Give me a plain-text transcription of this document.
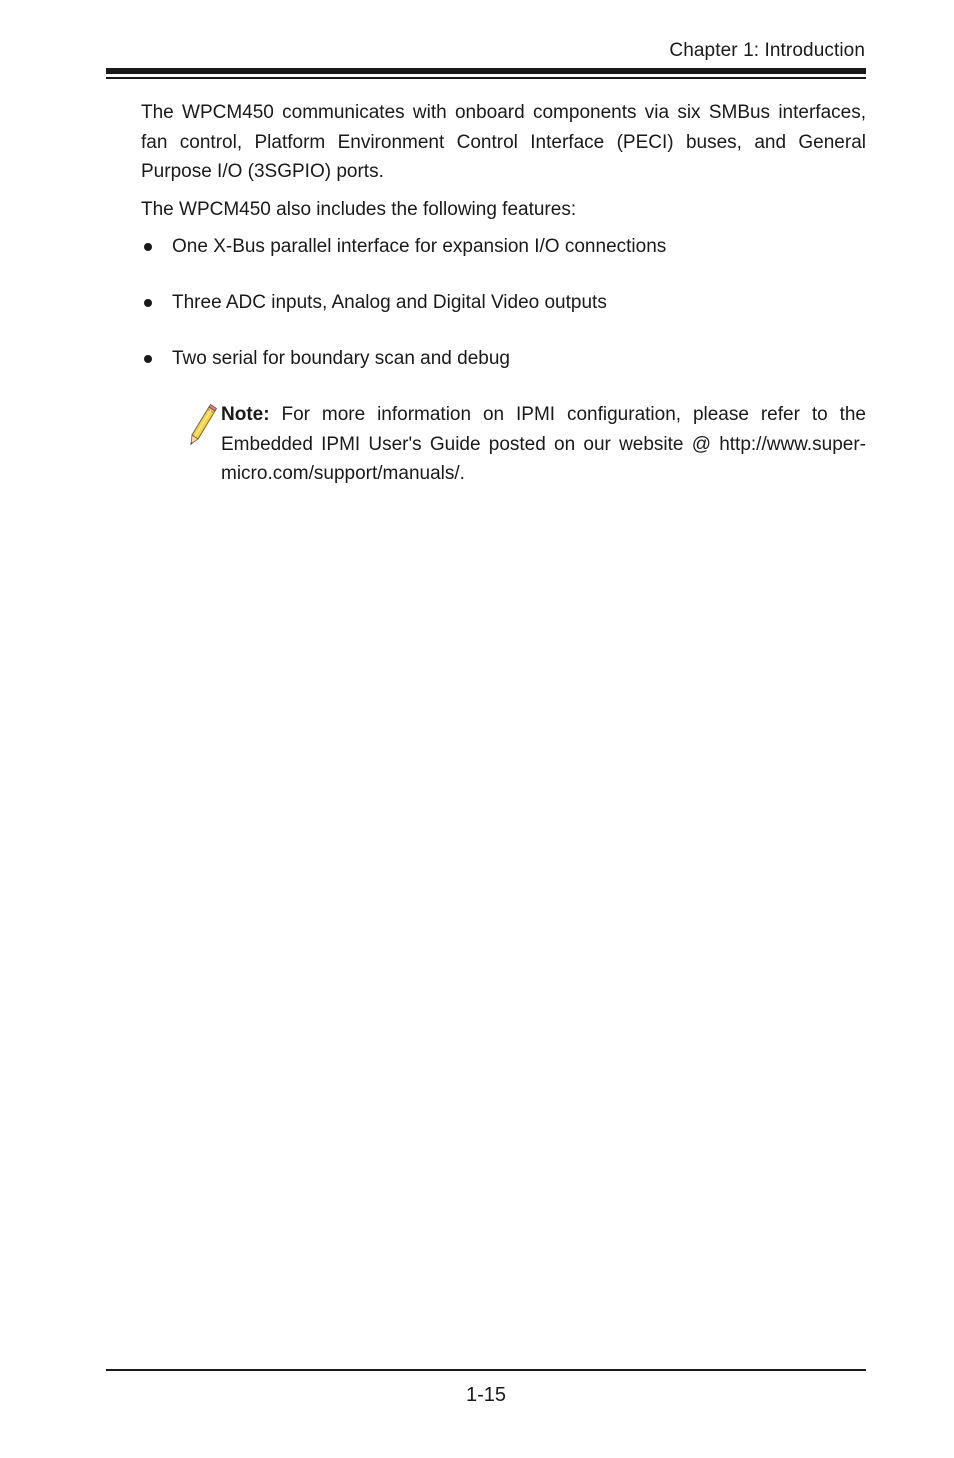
Chapter 1: Introduction

The WPCM450 communicates with onboard components via six SMBus interfaces, fan control, Platform Environment Control Interface (PECI) buses, and General Purpose I/O (3SGPIO) ports.

The WPCM450 also includes the following features:

One X-Bus parallel interface for expansion I/O connections
Three ADC inputs, Analog and Digital Video outputs
Two serial for boundary scan and debug
Note: For more information on IPMI configuration, please refer to the Embedded IPMI User's Guide posted on our website @ http://www.super-micro.com/support/manuals/.
1-15
